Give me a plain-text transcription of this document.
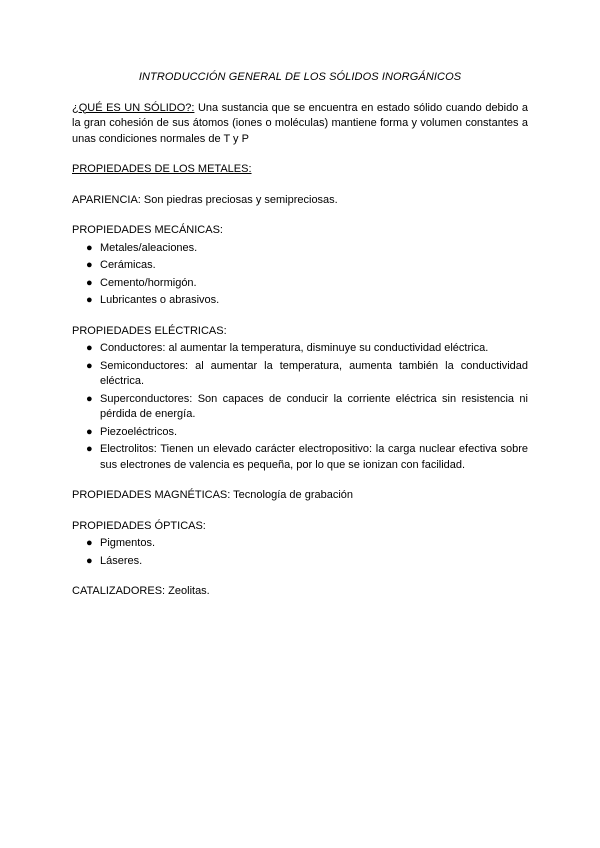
INTRODUCCIÓN GENERAL DE LOS SÓLIDOS INORGÁNICOS

¿QUÉ ES UN SÓLIDO?: Una sustancia que se encuentra en estado sólido cuando debido a la gran cohesión de sus átomos (iones o moléculas) mantiene forma y volumen constantes a unas condiciones normales de T y P

PROPIEDADES DE LOS METALES:

APARIENCIA: Son piedras preciosas y semipreciosas.

PROPIEDADES MECÁNICAS:

● Metales/aleaciones.
● Cerámicas.
● Cemento/hormigón.
● Lubricantes o abrasivos.

PROPIEDADES ELÉCTRICAS:

● Conductores: al aumentar la temperatura, disminuye su conductividad eléctrica.
● Semiconductores: al aumentar la temperatura, aumenta también la conductividad eléctrica.
● Superconductores: Son capaces de conducir la corriente eléctrica sin resistencia ni pérdida de energía.
● Piezoeléctricos.
● Electrolitos: Tienen un elevado carácter electropositivo: la carga nuclear efectiva sobre sus electrones de valencia es pequeña, por lo que se ionizan con facilidad.

PROPIEDADES MAGNÉTICAS: Tecnología de grabación

PROPIEDADES ÓPTICAS:

● Pigmentos.
● Láseres.

CATALIZADORES: Zeolitas.
